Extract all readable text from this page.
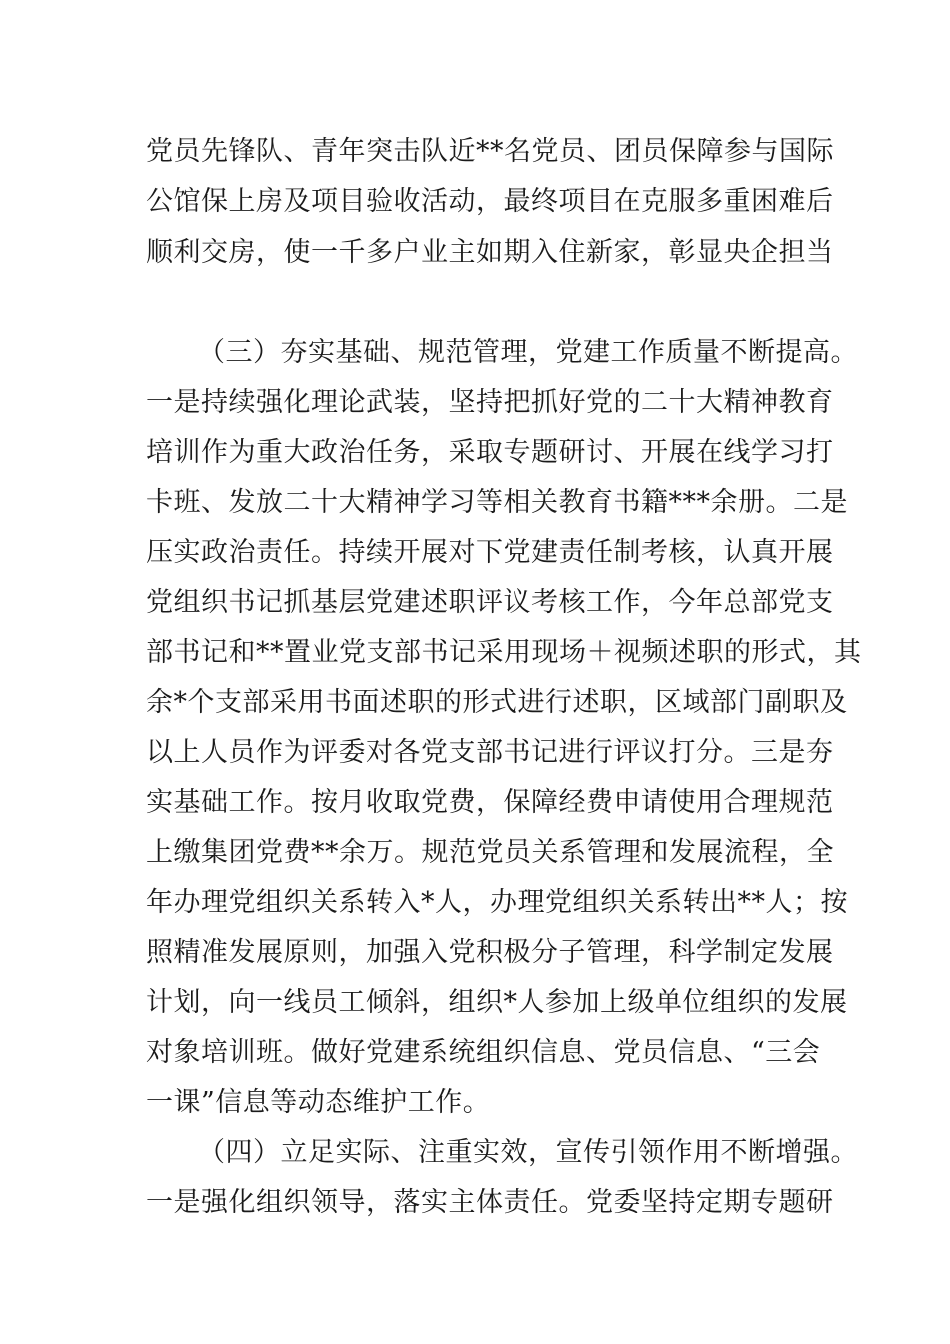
党员先锋队、青年突击队近**名党员、团员保障参与国际
公馆保上房及项目验收活动，最终项目在克服多重困难后
顺利交房，使一千多户业主如期入住新家，彰显央企担当
（三）夯实基础、规范管理，党建工作质量不断提高。
一是持续强化理论武装，坚持把抓好党的二十大精神教育
培训作为重大政治任务，采取专题研讨、开展在线学习打
卡班、发放二十大精神学习等相关教育书籍***余册。二是
压实政治责任。持续开展对下党建责任制考核，认真开展
党组织书记抓基层党建述职评议考核工作，今年总部党支
部书记和**置业党支部书记采用现场＋视频述职的形式，其
余*个支部采用书面述职的形式进行述职，区域部门副职及
以上人员作为评委对各党支部书记进行评议打分。三是夯
实基础工作。按月收取党费，保障经费申请使用合理规范
上缴集团党费**余万。规范党员关系管理和发展流程，全
年办理党组织关系转入*人，办理党组织关系转出**人；按
照精准发展原则，加强入党积极分子管理，科学制定发展
计划，向一线员工倾斜，组织*人参加上级单位组织的发展
对象培训班。做好党建系统组织信息、党员信息、“三会
一课”信息等动态维护工作。
（四）立足实际、注重实效，宣传引领作用不断增强。
一是强化组织领导，落实主体责任。党委坚持定期专题研
